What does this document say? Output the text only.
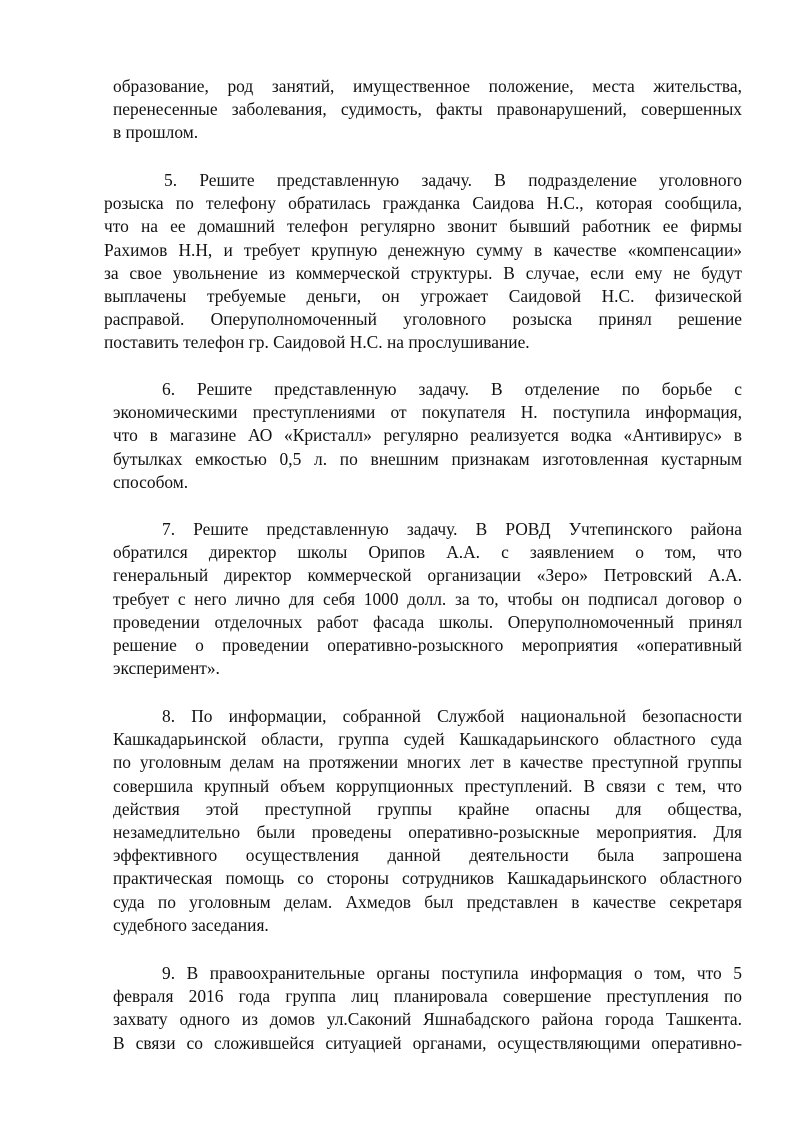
образование, род занятий, имущественное положение, места жительства,
перенесенные заболевания, судимость, факты правонарушений, совершенных
в прошлом.
5. Решите представленную задачу. В подразделение уголовного
розыска по телефону обратилась гражданка Саидова Н.С., которая сообщила,
что на ее домашний телефон регулярно звонит бывший работник ее фирмы
Рахимов Н.Н, и требует крупную денежную сумму в качестве «компенсации»
за свое увольнение из коммерческой структуры. В случае, если ему не будут
выплачены требуемые деньги, он угрожает Саидовой Н.С. физической
расправой. Оперуполномоченный уголовного розыска принял решение
поставить телефон гр. Саидовой Н.С. на прослушивание.
6. Решите представленную задачу. В отделение по борьбе с
экономическими преступлениями от покупателя Н. поступила информация,
что в магазине АО «Кристалл» регулярно реализуется водка «Антивирус» в
бутылках емкостью 0,5 л. по внешним признакам изготовленная кустарным
способом.
7. Решите представленную задачу. В РОВД Учтепинского района
обратился директор школы Орипов А.А. с заявлением о том, что
генеральный директор коммерческой организации «Зеро» Петровский А.А.
требует с него лично для себя 1000 долл. за то, чтобы он подписал договор о
проведении отделочных работ фасада школы. Оперуполномоченный принял
решение о проведении оперативно-розыскного мероприятия «оперативный
эксперимент».
8. По информации, собранной Службой национальной безопасности
Кашкадарьинской области, группа судей Кашкадарьинского областного суда
по уголовным делам на протяжении многих лет в качестве преступной группы
совершила крупный объем коррупционных преступлений. В связи с тем, что
действия этой преступной группы крайне опасны для общества,
незамедлительно были проведены оперативно-розыскные мероприятия. Для
эффективного осуществления данной деятельности была запрошена
практическая помощь со стороны сотрудников Кашкадарьинского областного
суда по уголовным делам. Ахмедов был представлен в качестве секретаря
судебного заседания.
9. В правоохранительные органы поступила информация о том, что 5
февраля 2016 года группа лиц планировала совершение преступления по
захвату одного из домов ул.Саконий Яшнабадского района города Ташкента.
В связи со сложившейся ситуацией органами, осуществляющими оперативно-
